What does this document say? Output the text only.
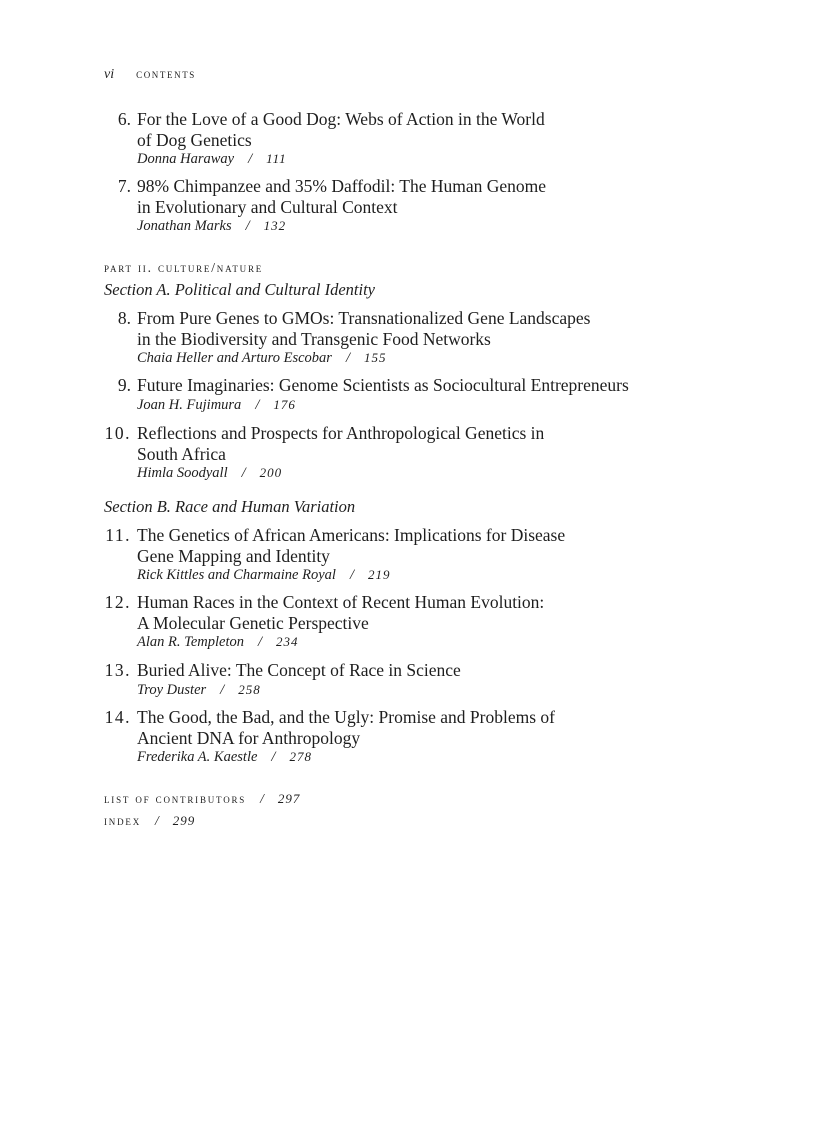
vi contents
6. For the Love of a Good Dog: Webs of Action in the World
of Dog Genetics
Donna Haraway / 111
7. 98% Chimpanzee and 35% Daffodil: The Human Genome
in Evolutionary and Cultural Context
Jonathan Marks / 132
part ii. culture/nature
Section A. Political and Cultural Identity
8. From Pure Genes to GMOs: Transnationalized Gene Landscapes
in the Biodiversity and Transgenic Food Networks
Chaia Heller and Arturo Escobar / 155
9. Future Imaginaries: Genome Scientists as Sociocultural Entrepreneurs
Joan H. Fujimura / 176
10. Reflections and Prospects for Anthropological Genetics in
South Africa
Himla Soodyall / 200
Section B. Race and Human Variation
11. The Genetics of African Americans: Implications for Disease
Gene Mapping and Identity
Rick Kittles and Charmaine Royal / 219
12. Human Races in the Context of Recent Human Evolution:
A Molecular Genetic Perspective
Alan R. Templeton / 234
13. Buried Alive: The Concept of Race in Science
Troy Duster / 258
14. The Good, the Bad, and the Ugly: Promise and Problems of
Ancient DNA for Anthropology
Frederika A. Kaestle / 278
list of contributors / 297
index / 299
